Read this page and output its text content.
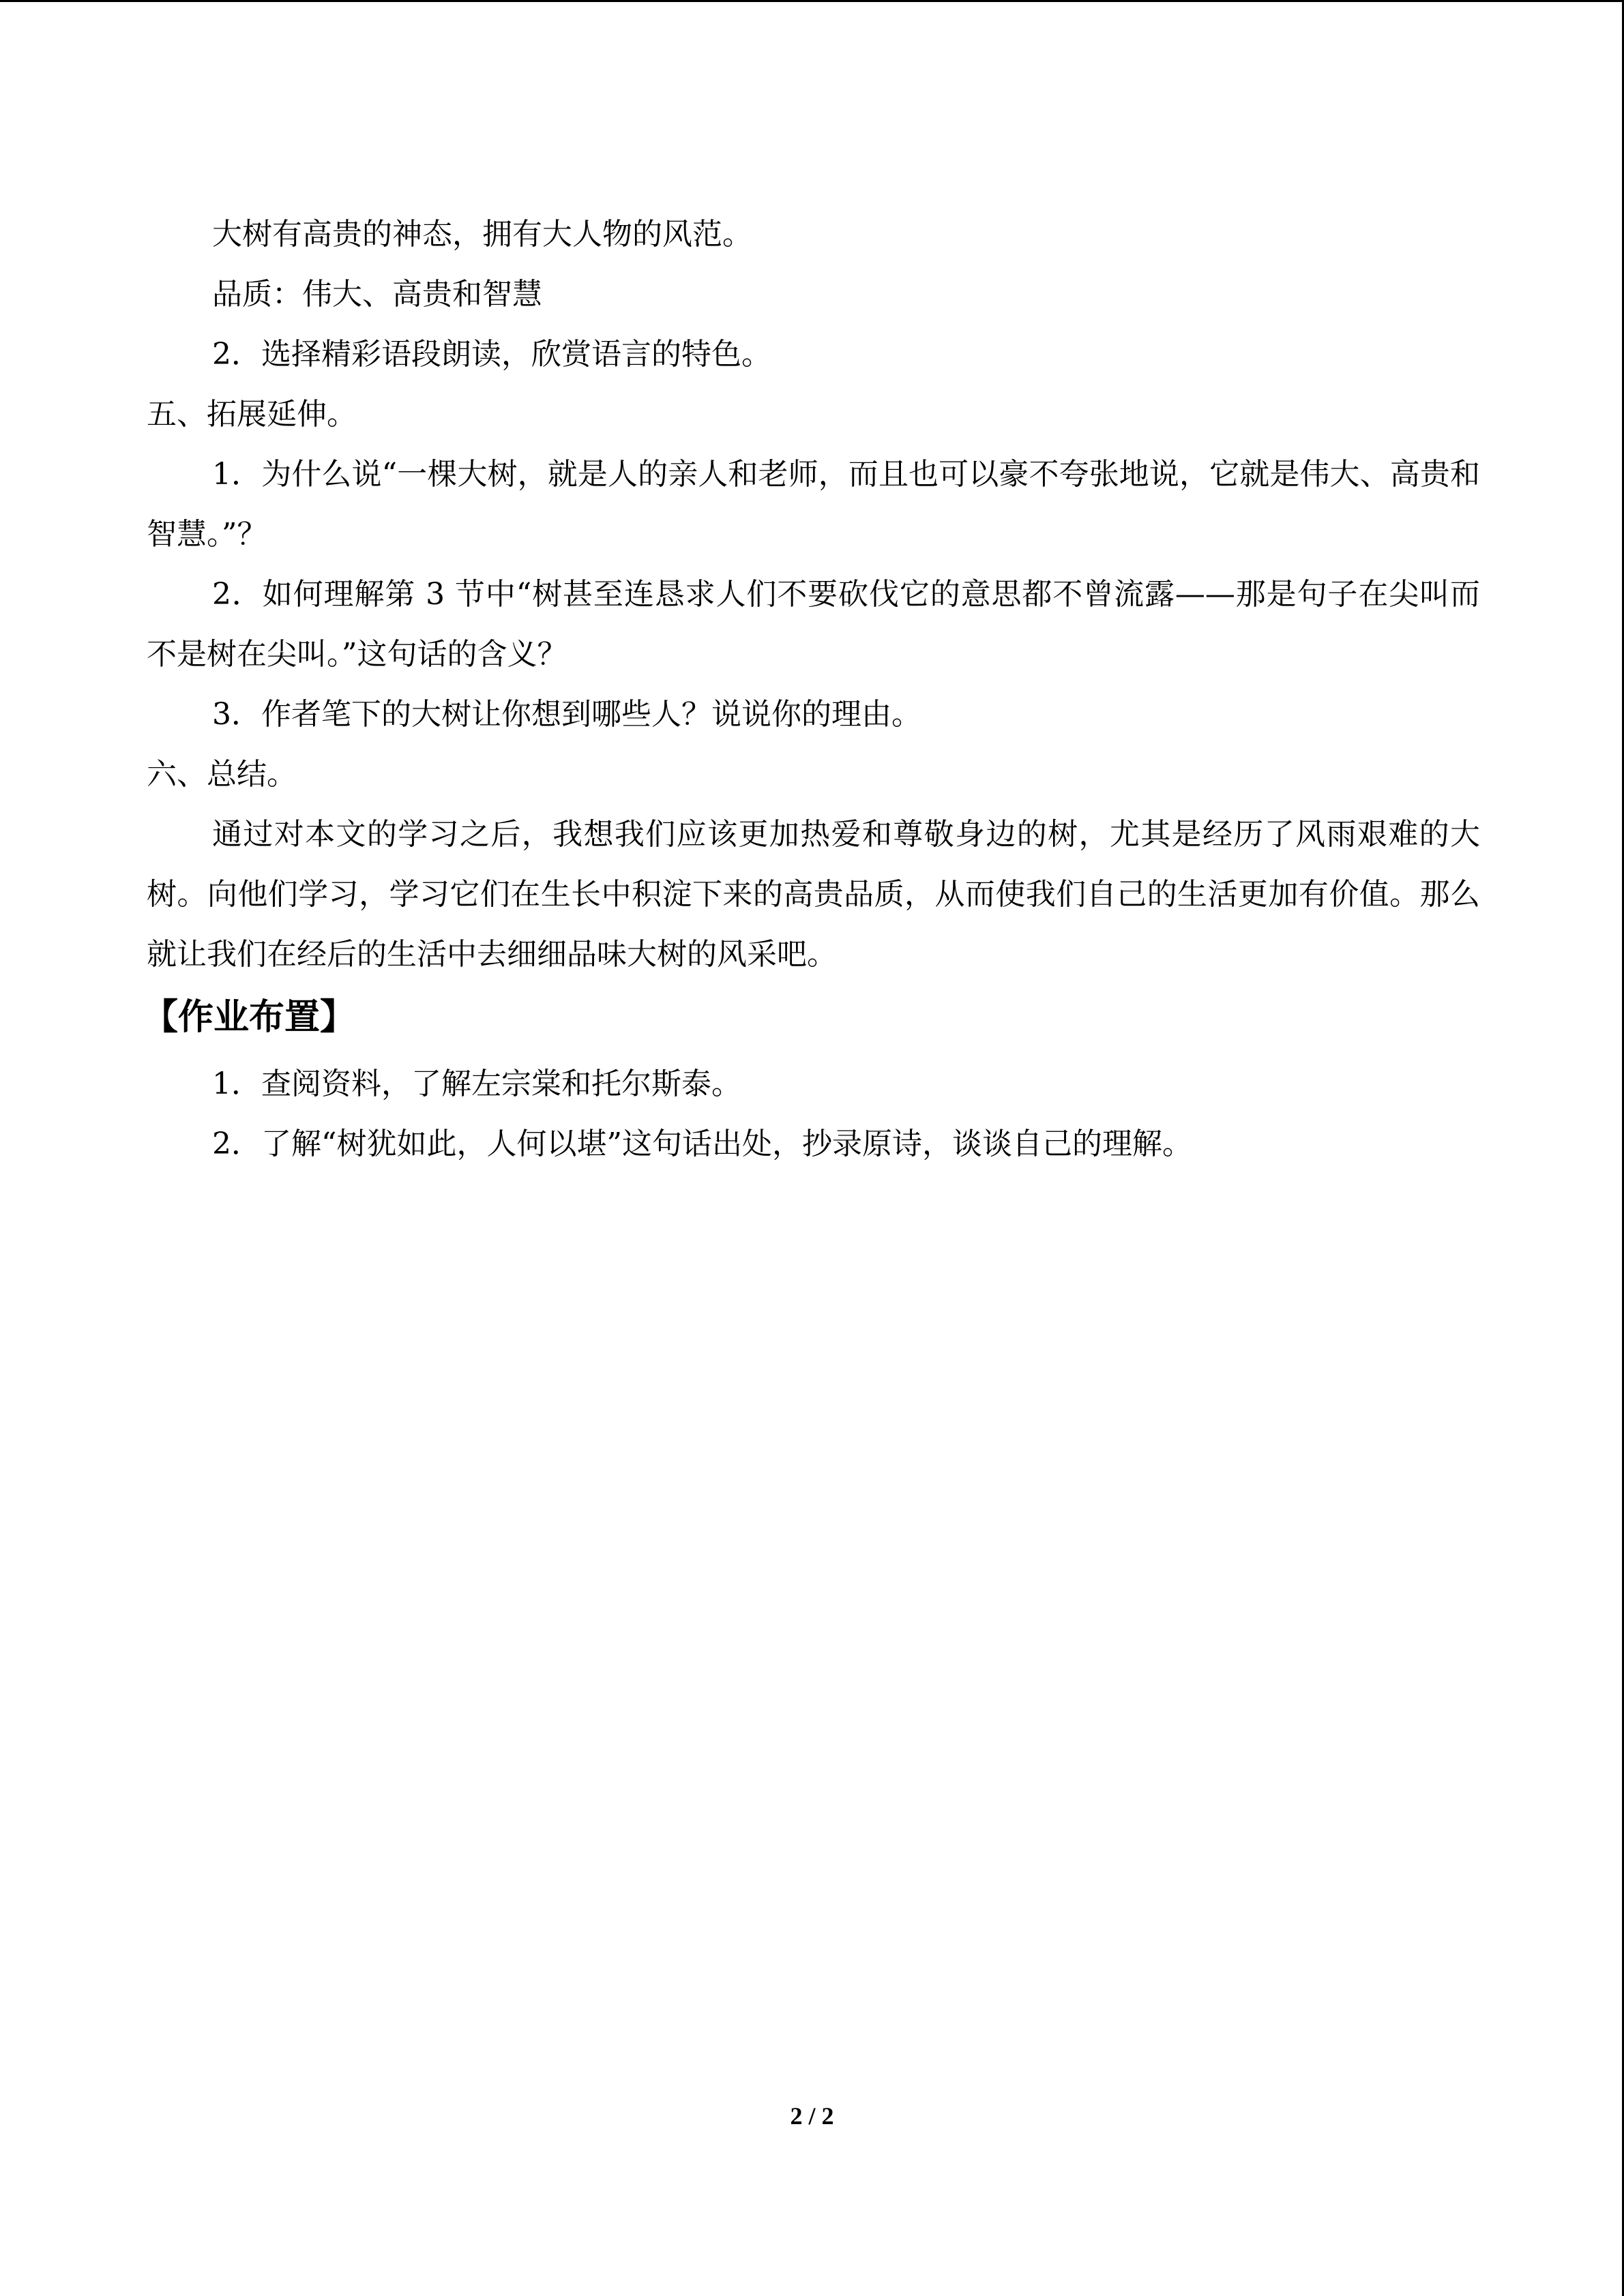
大树有高贵的神态，拥有大人物的风范。
品质：伟大、高贵和智慧
2．选择精彩语段朗读，欣赏语言的特色。
五、拓展延伸。
1．为什么说“一棵大树，就是人的亲人和老师，而且也可以豪不夸张地说，它就是伟大、高贵和智慧。”？
2．如何理解第 3 节中“树甚至连恳求人们不要砍伐它的意思都不曾流露——那是句子在尖叫而不是树在尖叫。”这句话的含义？
3．作者笔下的大树让你想到哪些人？说说你的理由。
六、总结。
通过对本文的学习之后，我想我们应该更加热爱和尊敬身边的树，尤其是经历了风雨艰难的大树。向他们学习，学习它们在生长中积淀下来的高贵品质，从而使我们自己的生活更加有价值。那么就让我们在经后的生活中去细细品味大树的风采吧。
【作业布置】
1．查阅资料，了解左宗棠和托尔斯泰。
2．了解“树犹如此，人何以堪”这句话出处，抄录原诗，谈谈自己的理解。
2 / 2
